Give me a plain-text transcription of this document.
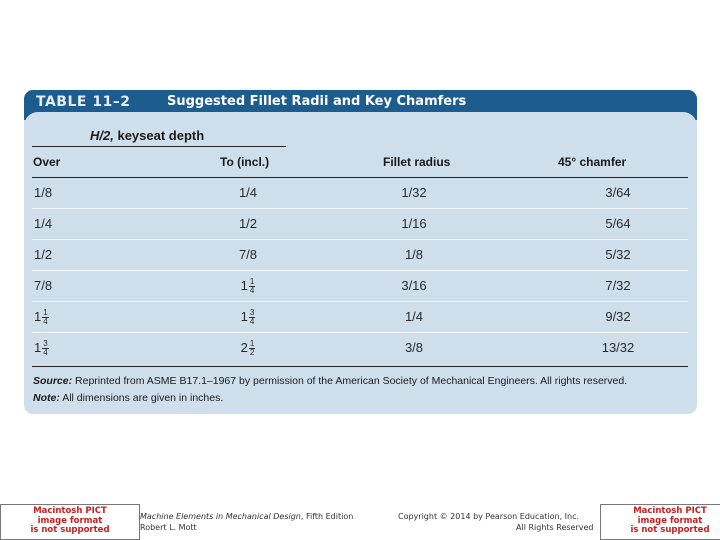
TABLE 11–2	Suggested Fillet Radii and Key Chamfers
H/2, keyseat depth
Over	To (incl.)	Fillet radius	45° chamfer
1/8	1/4	1/32	3/64
1/4	1/2	1/16	5/64
1/2	7/8	1/8	5/32
7/8	$1 \frac{1}{4}$	3/16	7/32
$1 \frac{1}{4}$	$1 \frac{3}{4}$	1/4	9/32
$1 \frac{3}{4}$	$2 \frac{1}{2}$	3/8	13/32
Source: Reprinted from ASME B17.1–1967 by permission of the American Society of Mechanical Engineers. All rights reserved.
Note: All dimensions are given in inches.
Macintosh PICT
image format
is not supported
Machine Elements in Mechanical Design, Fifth Edition
Robert L. Mott
Copyright © 2014 by Pearson Education, Inc.
All Rights Reserved
Macintosh PICT
image format
is not supported
